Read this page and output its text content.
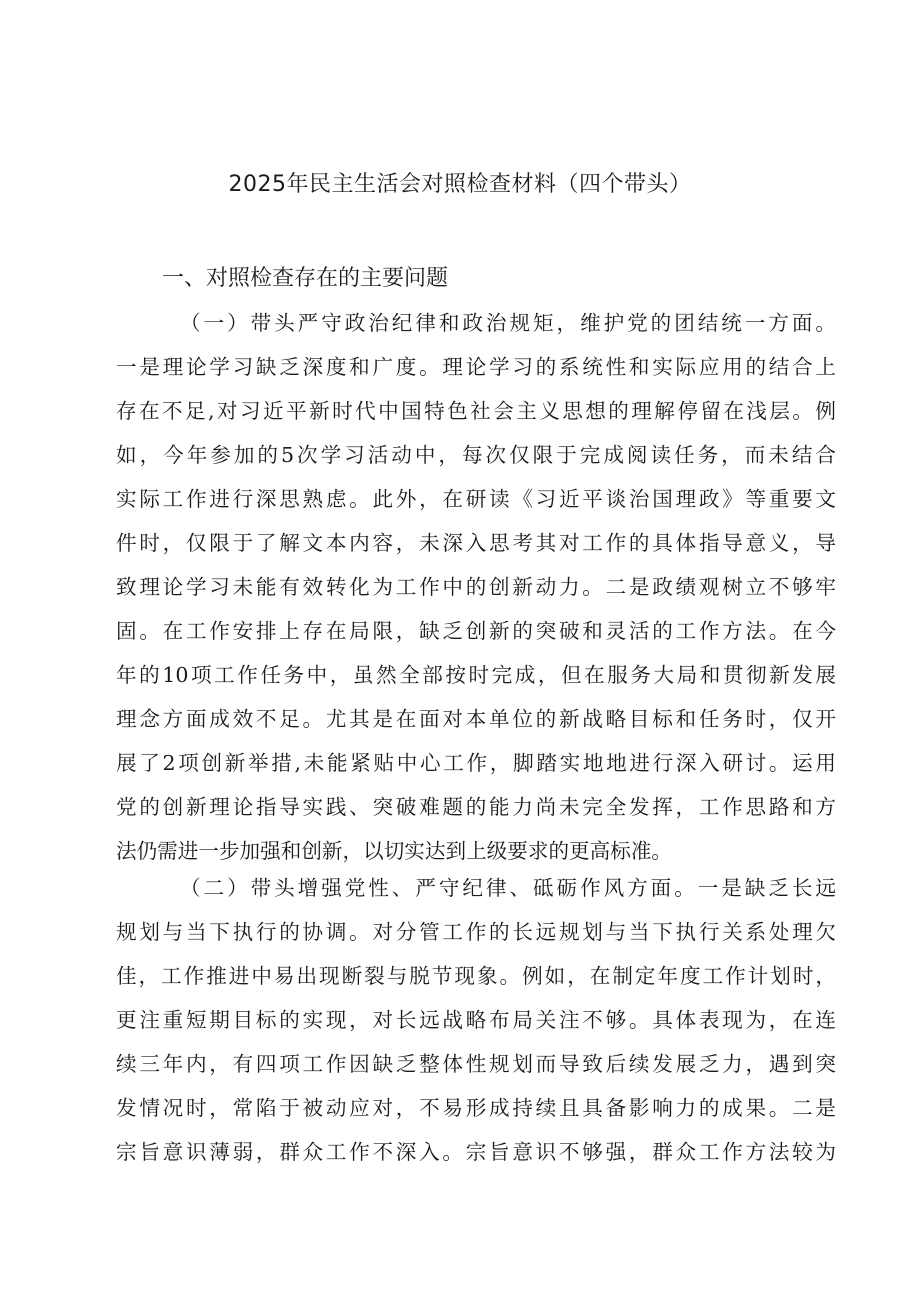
2025年民主生活会对照检查材料（四个带头）
一、对照检查存在的主要问题
（一）带头严守政治纪律和政治规矩，维护党的团结统一方面。
一是理论学习缺乏深度和广度。理论学习的系统性和实际应用的结合上
存在不足,对习近平新时代中国特色社会主义思想的理解停留在浅层。例
如，今年参加的5次学习活动中，每次仅限于完成阅读任务，而未结合
实际工作进行深思熟虑。此外，在研读《习近平谈治国理政》等重要文
件时，仅限于了解文本内容，未深入思考其对工作的具体指导意义，导
致理论学习未能有效转化为工作中的创新动力。二是政绩观树立不够牢
固。在工作安排上存在局限，缺乏创新的突破和灵活的工作方法。在今
年的10项工作任务中，虽然全部按时完成，但在服务大局和贯彻新发展
理念方面成效不足。尤其是在面对本单位的新战略目标和任务时，仅开
展了2项创新举措,未能紧贴中心工作，脚踏实地地进行深入研讨。运用
党的创新理论指导实践、突破难题的能力尚未完全发挥，工作思路和方
法仍需进一步加强和创新，以切实达到上级要求的更高标准。
（二）带头增强党性、严守纪律、砥砺作风方面。一是缺乏长远
规划与当下执行的协调。对分管工作的长远规划与当下执行关系处理欠
佳，工作推进中易出现断裂与脱节现象。例如，在制定年度工作计划时，
更注重短期目标的实现，对长远战略布局关注不够。具体表现为，在连
续三年内，有四项工作因缺乏整体性规划而导致后续发展乏力，遇到突
发情况时，常陷于被动应对，不易形成持续且具备影响力的成果。二是
宗旨意识薄弱，群众工作不深入。宗旨意识不够强，群众工作方法较为
